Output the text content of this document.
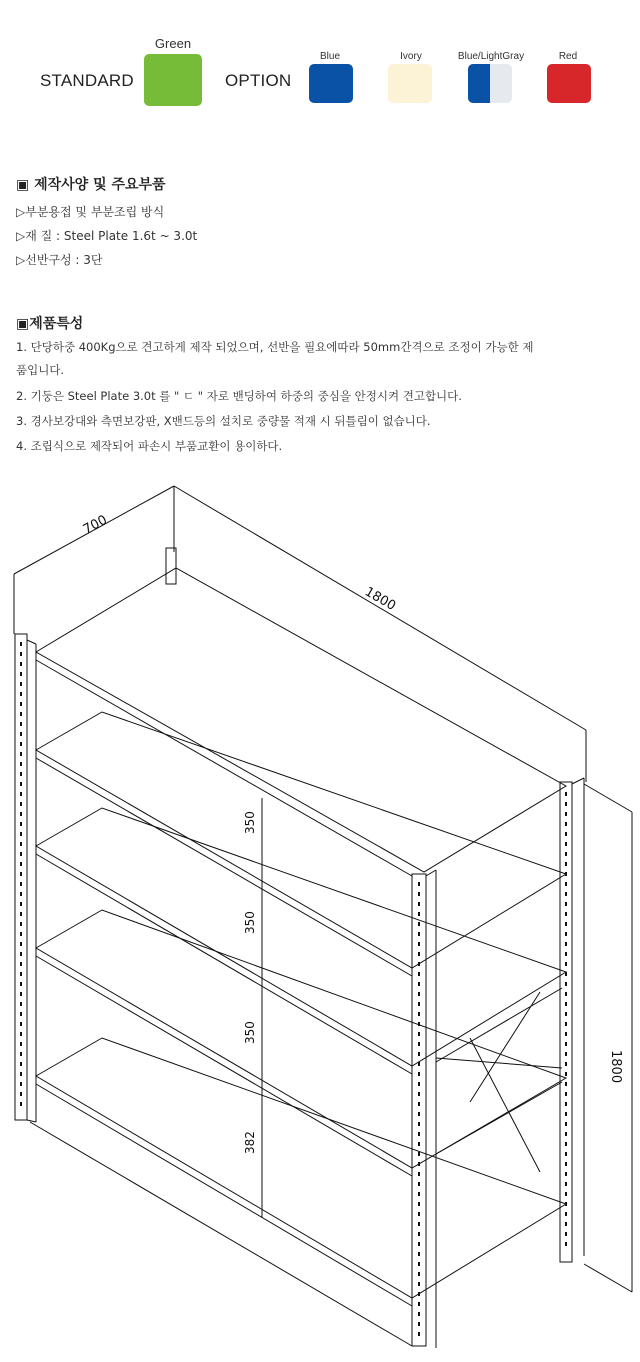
STANDARD
Green
OPTION
Blue	Ivory	Blue/LightGray	Red
▣ 제작사양 및 주요부품
▷부분용접 및 부분조립 방식
▷재 질 : Steel Plate 1.6t ~ 3.0t
▷선반구성 : 3단
▣제품특성
1. 단당하중 400Kg으로 견고하게 제작 되었으며, 선반을 필요에따라 50mm간격으로 조정이 가능한 제
품입니다.
2. 기둥은 Steel Plate 3.0t 를 " ㄷ " 자로 밴딩하여 하중의 중심을 안정시켜 견고합니다.
3. 경사보강대와 측면보강판, X밴드등의 설치로 중량물 적재 시 뒤틀림이 없습니다.
4. 조립식으로 제작되어 파손시 부품교환이 용이하다.
700
1800
1800
350
350
350
382
